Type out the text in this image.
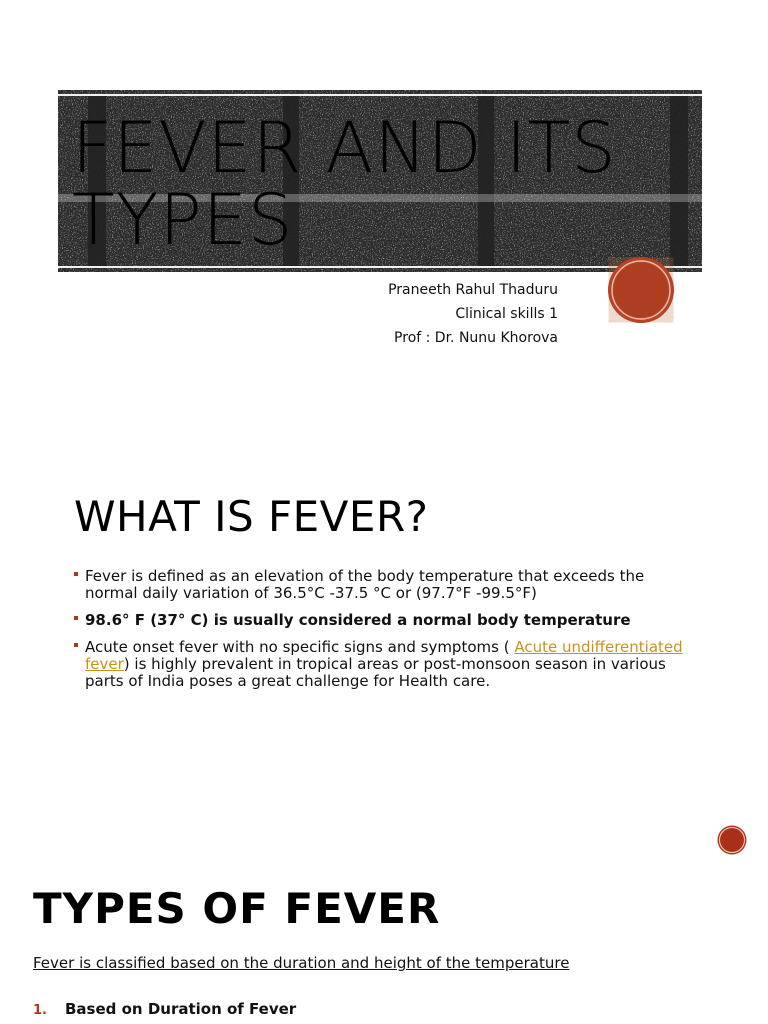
FEVER AND ITS TYPES
Praneeth Rahul Thaduru
Clinical skills 1
Prof : Dr. Nunu Khorova
WHAT IS FEVER?
Fever is defined as an elevation of the body temperature that exceeds the normal daily variation of 36.5°C -37.5 °C or (97.7°F -99.5°F)
98.6° F (37° C) is usually considered a normal body temperature
Acute onset fever with no specific signs and symptoms ( Acute undifferentiated fever) is highly prevalent in tropical areas or post-monsoon season in various parts of India poses a great challenge for Health care.
TYPES OF FEVER
Fever is classified based on the duration and height of the temperature
1. Based on Duration of Fever
